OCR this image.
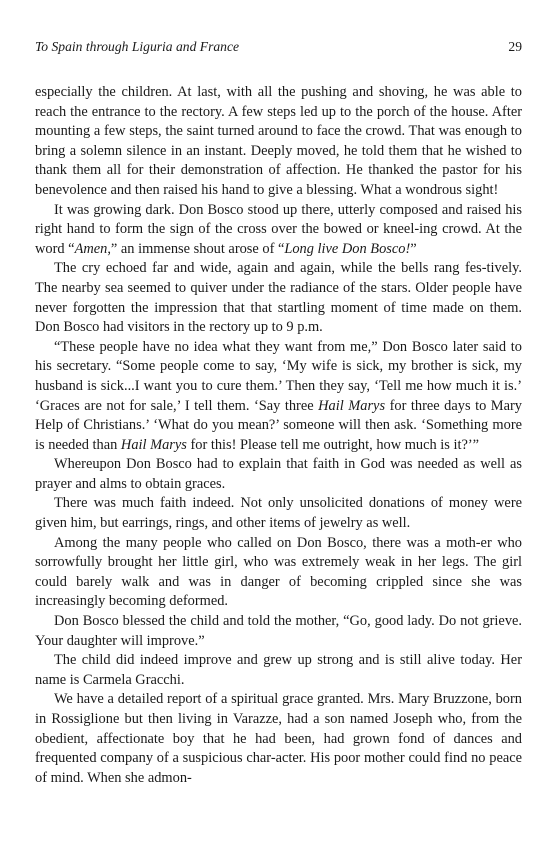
To Spain through Liguria and France	29

especially the children. At last, with all the pushing and shoving, he was able to reach the entrance to the rectory. A few steps led up to the porch of the house. After mounting a few steps, the saint turned around to face the crowd. That was enough to bring a solemn silence in an instant. Deeply moved, he told them that he wished to thank them all for their demonstration of affection. He thanked the pastor for his benevolence and then raised his hand to give a blessing. What a wondrous sight!

It was growing dark. Don Bosco stood up there, utterly composed and raised his right hand to form the sign of the cross over the bowed or kneel-ing crowd. At the word “Amen,” an immense shout arose of “Long live Don Bosco!”

The cry echoed far and wide, again and again, while the bells rang fes-tively. The nearby sea seemed to quiver under the radiance of the stars. Older people have never forgotten the impression that that startling moment of time made on them. Don Bosco had visitors in the rectory up to 9 p.m.

“These people have no idea what they want from me,” Don Bosco later said to his secretary. “Some people come to say, ‘My wife is sick, my brother is sick, my husband is sick...I want you to cure them.’ Then they say, ‘Tell me how much it is.’ ‘Graces are not for sale,’ I tell them. ‘Say three Hail Marys for three days to Mary Help of Christians.’ ‘What do you mean?’ someone will then ask. ‘Something more is needed than Hail Marys for this! Please tell me outright, how much is it?’”

Whereupon Don Bosco had to explain that faith in God was needed as well as prayer and alms to obtain graces.

There was much faith indeed. Not only unsolicited donations of money were given him, but earrings, rings, and other items of jewelry as well.

Among the many people who called on Don Bosco, there was a moth-er who sorrowfully brought her little girl, who was extremely weak in her legs. The girl could barely walk and was in danger of becoming crippled since she was increasingly becoming deformed.

Don Bosco blessed the child and told the mother, “Go, good lady. Do not grieve. Your daughter will improve.”

The child did indeed improve and grew up strong and is still alive today. Her name is Carmela Gracchi.

We have a detailed report of a spiritual grace granted. Mrs. Mary Bruzzone, born in Rossiglione but then living in Varazze, had a son named Joseph who, from the obedient, affectionate boy that he had been, had grown fond of dances and frequented company of a suspicious char-acter. His poor mother could find no peace of mind. When she admon-
